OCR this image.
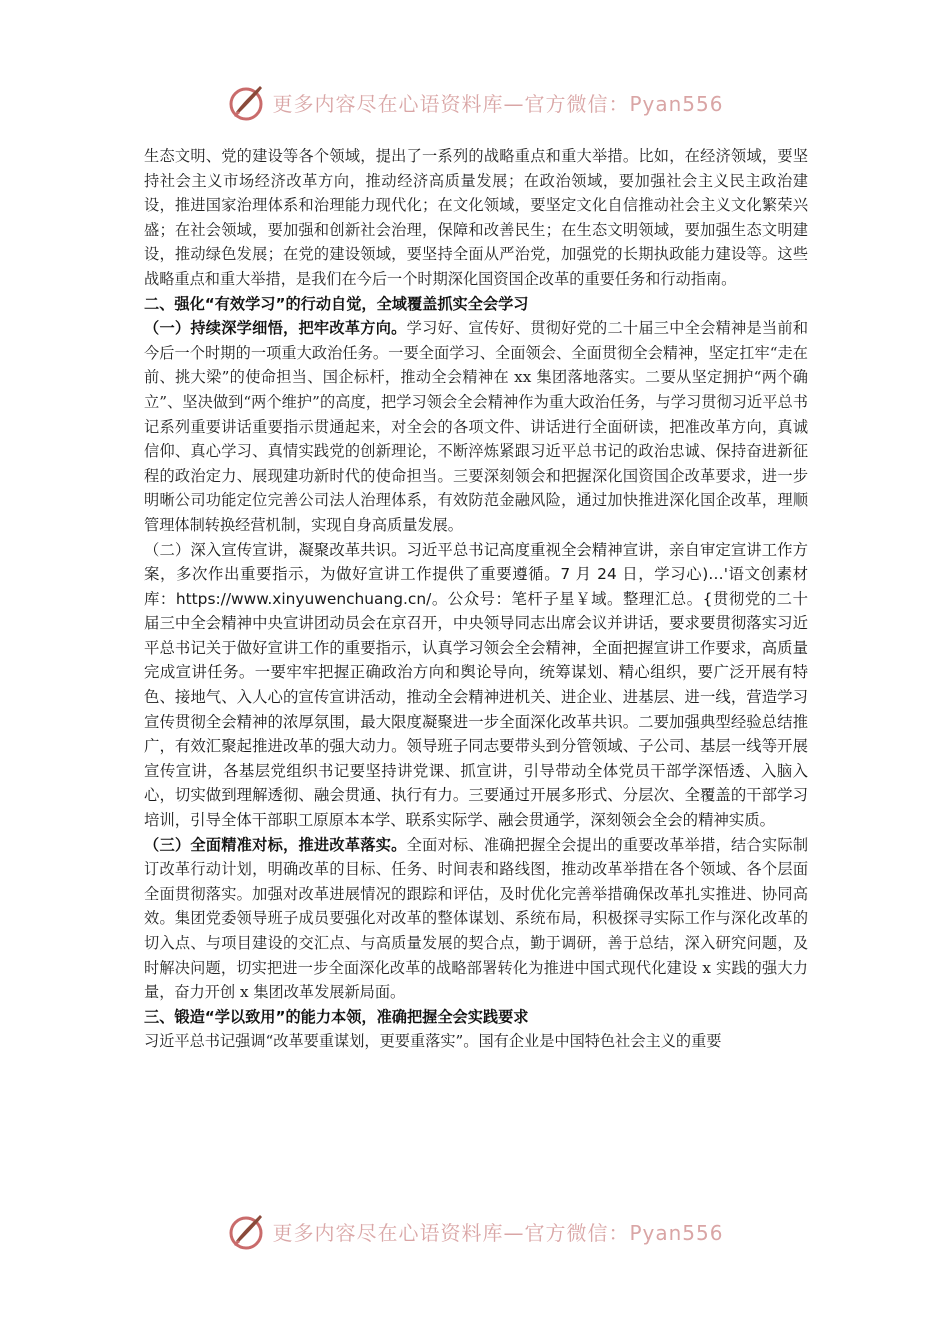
更多内容尽在心语资料库—官方微信：Pyan556

生态文明、党的建设等各个领域，提出了一系列的战略重点和重大举措。比如，在经济领域，要坚持社会主义市场经济改革方向，推动经济高质量发展；在政治领域，要加强社会主义民主政治建设，推进国家治理体系和治理能力现代化；在文化领域，要坚定文化自信推动社会主义文化繁荣兴盛；在社会领域，要加强和创新社会治理，保障和改善民生；在生态文明领域，要加强生态文明建设，推动绿色发展；在党的建设领域，要坚持全面从严治党，加强党的长期执政能力建设等。这些战略重点和重大举措，是我们在今后一个时期深化国资国企改革的重要任务和行动指南。

二、强化“有效学习”的行动自觉，全域覆盖抓实全会学习

（一）持续深学细悟，把牢改革方向。学习好、宣传好、贯彻好党的二十届三中全会精神是当前和今后一个时期的一项重大政治任务。一要全面学习、全面领会、全面贯彻全会精神，坚定扛牢“走在前、挑大梁”的使命担当、国企标杆，推动全会精神在 xx 集团落地落实。二要从坚定拥护“两个确立”、坚决做到“两个维护”的高度，把学习领会全会精神作为重大政治任务，与学习贯彻习近平总书记系列重要讲话重要指示贯通起来，对全会的各项文件、讲话进行全面研读，把准改革方向，真诚信仰、真心学习、真情实践党的创新理论，不断淬炼紧跟习近平总书记的政治忠诚、保持奋进新征程的政治定力、展现建功新时代的使命担当。三要深刻领会和把握深化国资国企改革要求，进一步明晰公司功能定位完善公司法人治理体系，有效防范金融风险，通过加快推进深化国企改革，理顺管理体制转换经营机制，实现自身高质量发展。

（二）深入宣传宣讲，凝聚改革共识。习近平总书记高度重视全会精神宣讲，亲自审定宣讲工作方案，多次作出重要指示，为做好宣讲工作提供了重要遵循。7 月 24 日，学习心)…'语文创素材库：https://www.xinyuwenchuang.cn/。公众号：笔杆子星￥域。整理汇总。{贯彻党的二十届三中全会精神中央宣讲团动员会在京召开，中央领导同志出席会议并讲话，要求要贯彻落实习近平总书记关于做好宣讲工作的重要指示，认真学习领会全会精神，全面把握宣讲工作要求，高质量完成宣讲任务。一要牢牢把握正确政治方向和舆论导向，统筹谋划、精心组织，要广泛开展有特色、接地气、入人心的宣传宣讲活动，推动全会精神进机关、进企业、进基层、进一线，营造学习宣传贯彻全会精神的浓厚氛围，最大限度凝聚进一步全面深化改革共识。二要加强典型经验总结推广，有效汇聚起推进改革的强大动力。领导班子同志要带头到分管领域、子公司、基层一线等开展宣传宣讲，各基层党组织书记要坚持讲党课、抓宣讲，引导带动全体党员干部学深悟透、入脑入心，切实做到理解透彻、融会贯通、执行有力。三要通过开展多形式、分层次、全覆盖的干部学习培训，引导全体干部职工原原本本学、联系实际学、融会贯通学，深刻领会全会的精神实质。

（三）全面精准对标，推进改革落实。全面对标、准确把握全会提出的重要改革举措，结合实际制订改革行动计划，明确改革的目标、任务、时间表和路线图，推动改革举措在各个领域、各个层面全面贯彻落实。加强对改革进展情况的跟踪和评估，及时优化完善举措确保改革扎实推进、协同高效。集团党委领导班子成员要强化对改革的整体谋划、系统布局，积极探寻实际工作与深化改革的切入点、与项目建设的交汇点、与高质量发展的契合点，勤于调研，善于总结，深入研究问题，及时解决问题，切实把进一步全面深化改革的战略部署转化为推进中国式现代化建设 x 实践的强大力量，奋力开创 x 集团改革发展新局面。

三、锻造“学以致用”的能力本领，准确把握全会实践要求

习近平总书记强调“改革要重谋划，更要重落实”。国有企业是中国特色社会主义的重要

更多内容尽在心语资料库—官方微信：Pyan556
